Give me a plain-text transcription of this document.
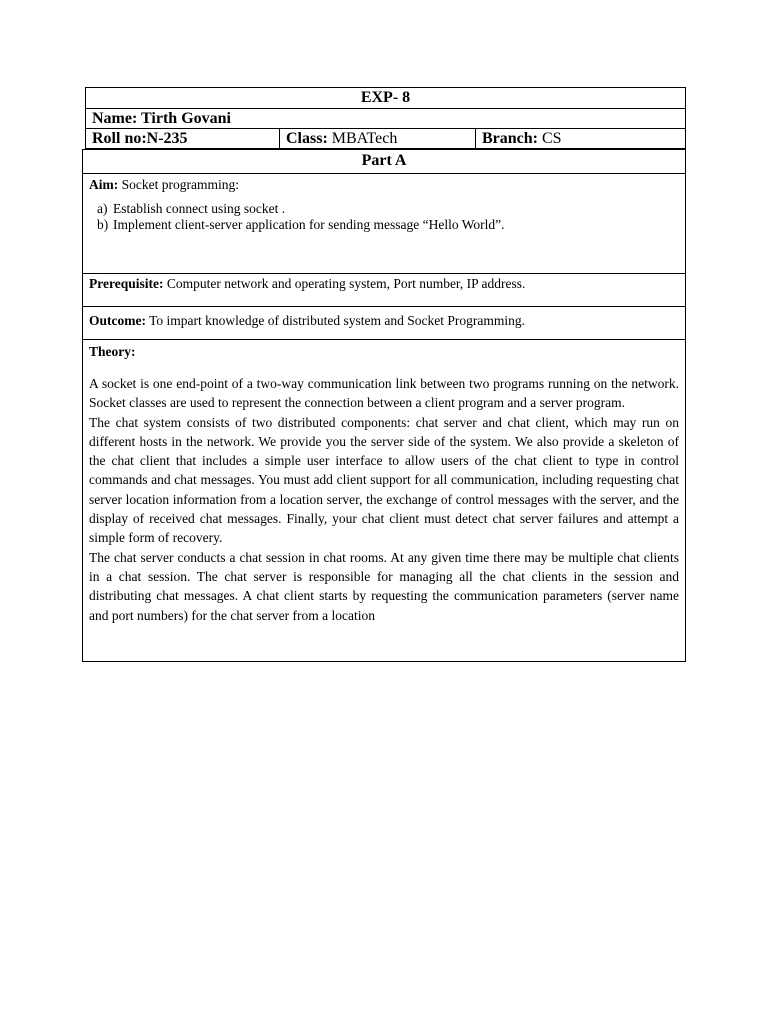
EXP- 8
Name: Tirth Govani
Roll no:N-235	Class: MBATech	Branch: CS
Part A
Aim: Socket programming:
a) Establish connect using socket .
b) Implement client-server application for sending message “Hello World”.
Prerequisite: Computer network and operating system, Port number, IP address.
Outcome: To impart knowledge of distributed system and Socket Programming.
Theory:

A socket is one end-point of a two-way communication link between two programs running on the network. Socket classes are used to represent the connection between a client program and a server program.

The chat system consists of two distributed components: chat server and chat client, which may run on different hosts in the network. We provide you the server side of the system. We also provide a skeleton of the chat client that includes a simple user interface to allow users of the chat client to type in control commands and chat messages. You must add client support for all communication, including requesting chat server location information from a location server, the exchange of control messages with the server, and the display of received chat messages. Finally, your chat client must detect chat server failures and attempt a simple form of recovery.

The chat server conducts a chat session in chat rooms. At any given time there may be multiple chat clients in a chat session. The chat server is responsible for managing all the chat clients in the session and distributing chat messages. A chat client starts by requesting the communication parameters (server name and port numbers) for the chat server from a location
